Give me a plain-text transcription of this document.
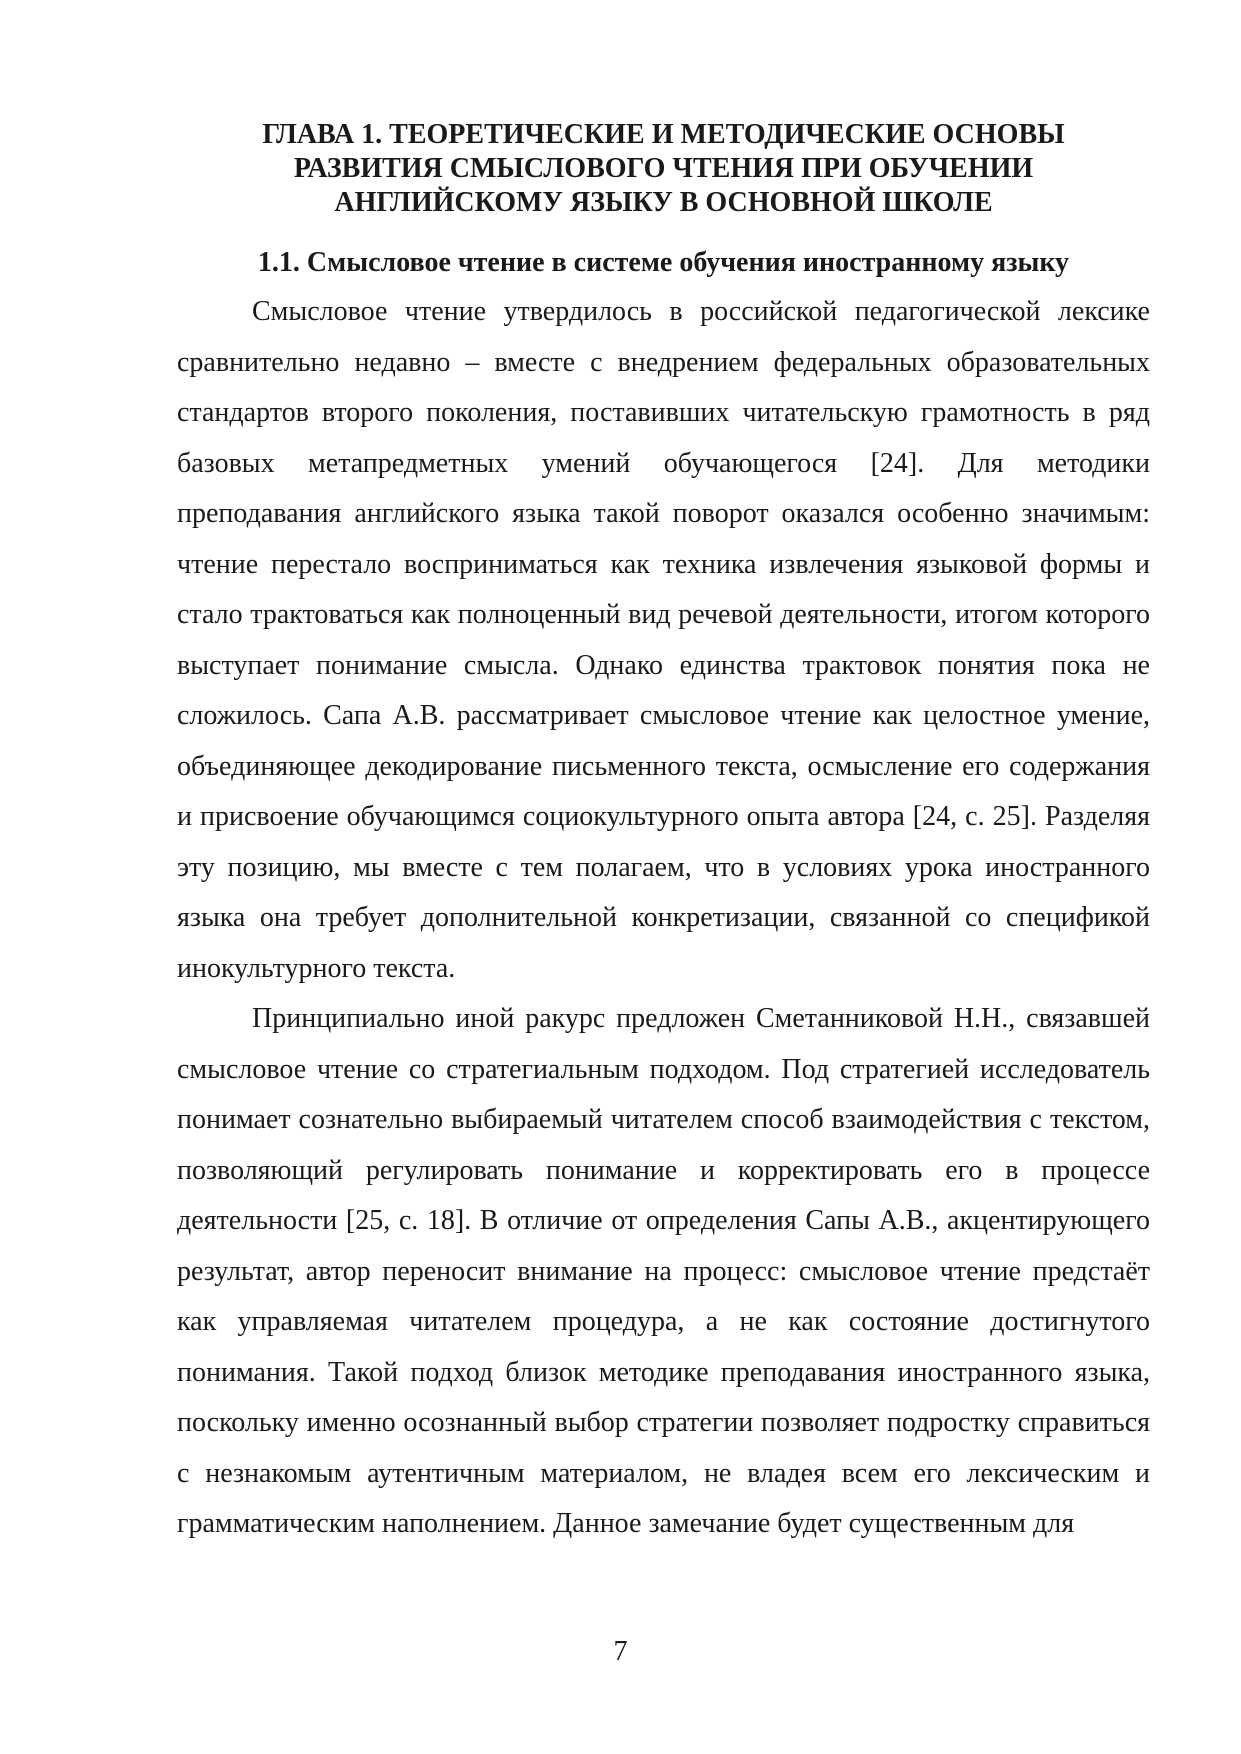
ГЛАВА 1. ТЕОРЕТИЧЕСКИЕ И МЕТОДИЧЕСКИЕ ОСНОВЫ
РАЗВИТИЯ СМЫСЛОВОГО ЧТЕНИЯ ПРИ ОБУЧЕНИИ
АНГЛИЙСКОМУ ЯЗЫКУ В ОСНОВНОЙ ШКОЛЕ
1.1. Смысловое чтение в системе обучения иностранному языку

Смысловое чтение утвердилось в российской педагогической лексике сравнительно недавно – вместе с внедрением федеральных образовательных стандартов второго поколения, поставивших читательскую грамотность в ряд базовых метапредметных умений обучающегося [24]. Для методики преподавания английского языка такой поворот оказался особенно значимым: чтение перестало восприниматься как техника извлечения языковой формы и стало трактоваться как полноценный вид речевой деятельности, итогом которого выступает понимание смысла. Однако единства трактовок понятия пока не сложилось. Сапа А.В. рассматривает смысловое чтение как целостное умение, объединяющее декодирование письменного текста, осмысление его содержания и присвоение обучающимся социокультурного опыта автора [24, с. 25]. Разделяя эту позицию, мы вместе с тем полагаем, что в условиях урока иностранного языка она требует дополнительной конкретизации, связанной со спецификой инокультурного текста.

Принципиально иной ракурс предложен Сметанниковой Н.Н., связавшей смысловое чтение со стратегиальным подходом. Под стратегией исследователь понимает сознательно выбираемый читателем способ взаимодействия с текстом, позволяющий регулировать понимание и корректировать его в процессе деятельности [25, с. 18]. В отличие от определения Сапы А.В., акцентирующего результат, автор переносит внимание на процесс: смысловое чтение предстаёт как управляемая читателем процедура, а не как состояние достигнутого понимания. Такой подход близок методике преподавания иностранного языка, поскольку именно осознанный выбор стратегии позволяет подростку справиться с незнакомым аутентичным материалом, не владея всем его лексическим и грамматическим наполнением. Данное замечание будет существенным для

7
